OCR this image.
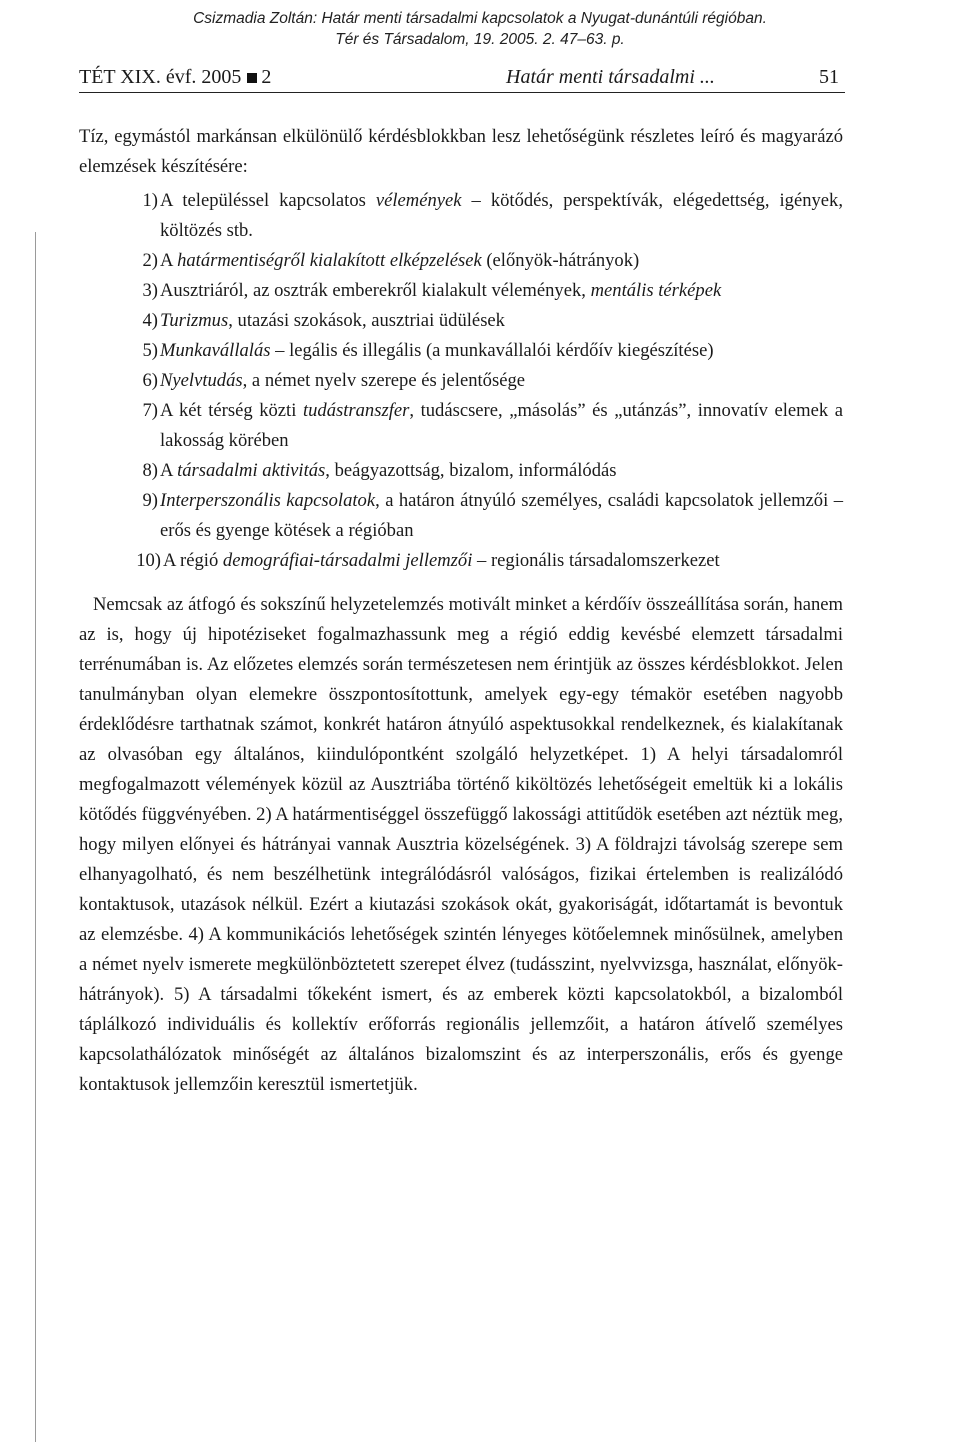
Csizmadia Zoltán: Határ menti társadalmi kapcsolatok a Nyugat-dunántúli régióban.
Tér és Társadalom, 19. 2005. 2. 47–63. p.
TÉT XIX. évf. 2005 2	Határ menti társadalmi ...	51

Tíz, egymástól markánsan elkülönülő kérdésblokkban lesz lehetőségünk részletes leíró és magyarázó elemzések készítésére:

1) A településsel kapcsolatos vélemények – kötődés, perspektívák, elégedettség, igények, költözés stb.
2) A határmentiségről kialakított elképzelések (előnyök-hátrányok)
3) Ausztriáról, az osztrák emberekről kialakult vélemények, mentális térképek
4) Turizmus, utazási szokások, ausztriai üdülések
5) Munkavállalás – legális és illegális (a munkavállalói kérdőív kiegészítése)
6) Nyelvtudás, a német nyelv szerepe és jelentősége
7) A két térség közti tudástranszfer, tudáscsere, „másolás” és „utánzás”, innovatív elemek a lakosság körében
8) A társadalmi aktivitás, beágyazottság, bizalom, informálódás
9) Interperszonális kapcsolatok, a határon átnyúló személyes, családi kapcsolatok jellemzői – erős és gyenge kötések a régióban
10) A régió demográfiai-társadalmi jellemzői – regionális társadalomszerkezet

Nemcsak az átfogó és sokszínű helyzetelemzés motivált minket a kérdőív összeállítása során, hanem az is, hogy új hipotéziseket fogalmazhassunk meg a régió eddig kevésbé elemzett társadalmi terrénumában is. Az előzetes elemzés során természetesen nem érintjük az összes kérdésblokkot. Jelen tanulmányban olyan elemekre összpontosítottunk, amelyek egy-egy témakör esetében nagyobb érdeklődésre tarthatnak számot, konkrét határon átnyúló aspektusokkal rendelkeznek, és kialakítanak az olvasóban egy általános, kiindulópontként szolgáló helyzetképet. 1) A helyi társadalomról megfogalmazott vélemények közül az Ausztriába történő kiköltözés lehetőségeit emeltük ki a lokális kötődés függvényében. 2) A határmentiséggel összefüggő lakossági attitűdök esetében azt néztük meg, hogy milyen előnyei és hátrányai vannak Ausztria közelségének. 3) A földrajzi távolság szerepe sem elhanyagolható, és nem beszélhetünk integrálódásról valóságos, fizikai értelemben is realizálódó kontaktusok, utazások nélkül. Ezért a kiutazási szokások okát, gyakoriságát, időtartamát is bevontuk az elemzésbe. 4) A kommunikációs lehetőségek szintén lényeges kötőelemnek minősülnek, amelyben a német nyelv ismerete megkülönböztetett szerepet élvez (tudásszint, nyelvvizsga, használat, előnyök-hátrányok). 5) A társadalmi tőkeként ismert, és az emberek közti kapcsolatokból, a bizalomból táplálkozó individuális és kollektív erőforrás regionális jellemzőit, a határon átívelő személyes kapcsolathálózatok minőségét az általános bizalomszint és az interperszonális, erős és gyenge kontaktusok jellemzőin keresztül ismertetjük.
